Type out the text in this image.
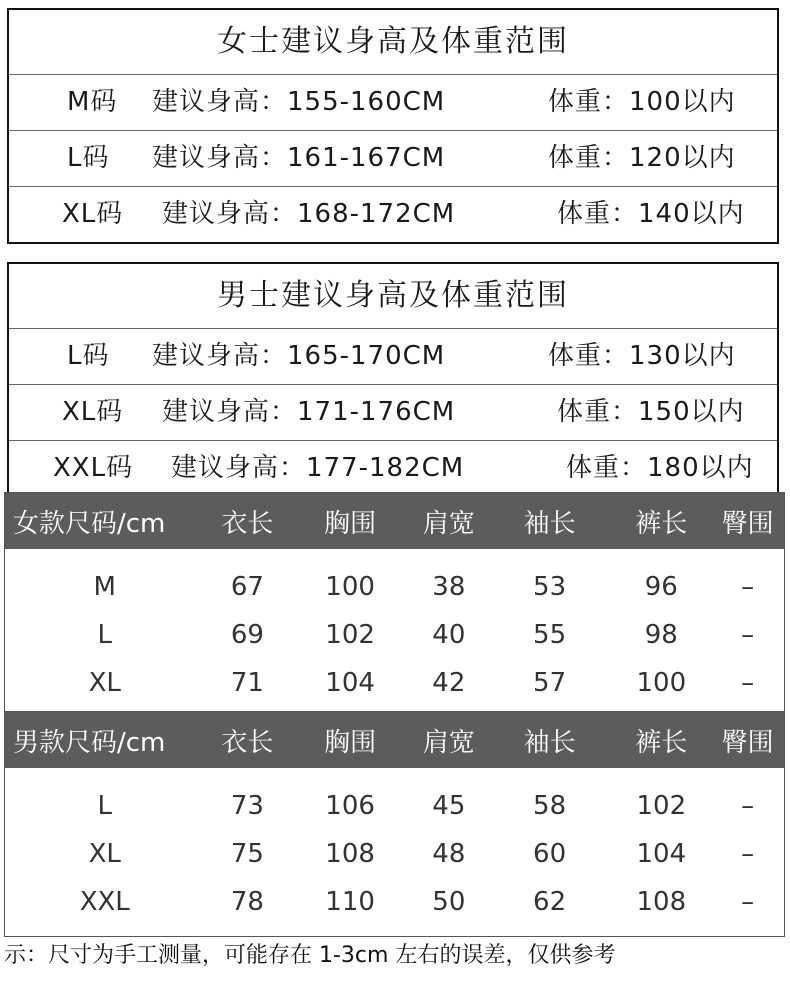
女士建议身高及体重范围
M码 建议身高：155-160CM	体重：100以内
L码 建议身高：161-167CM	体重：120以内
XL码 建议身高：168-172CM	体重：140以内
男士建议身高及体重范围
L码 建议身高：165-170CM	体重：130以内
XL码 建议身高：171-176CM	体重：150以内
XXL码 建议身高：177-182CM	体重：180以内
女款尺码/cm	衣长	胸围	肩宽	袖长	裤长	臀围
M	67	100	38	53	96	–
L	69	102	40	55	98	–
XL	71	104	42	57	100	–
男款尺码/cm	衣长	胸围	肩宽	袖长	裤长	臀围
L	73	106	45	58	102	–
XL	75	108	48	60	104	–
XXL	78	110	50	62	108	–
示：尺寸为手工测量，可能存在 1-3cm 左右的误差，仅供参考
